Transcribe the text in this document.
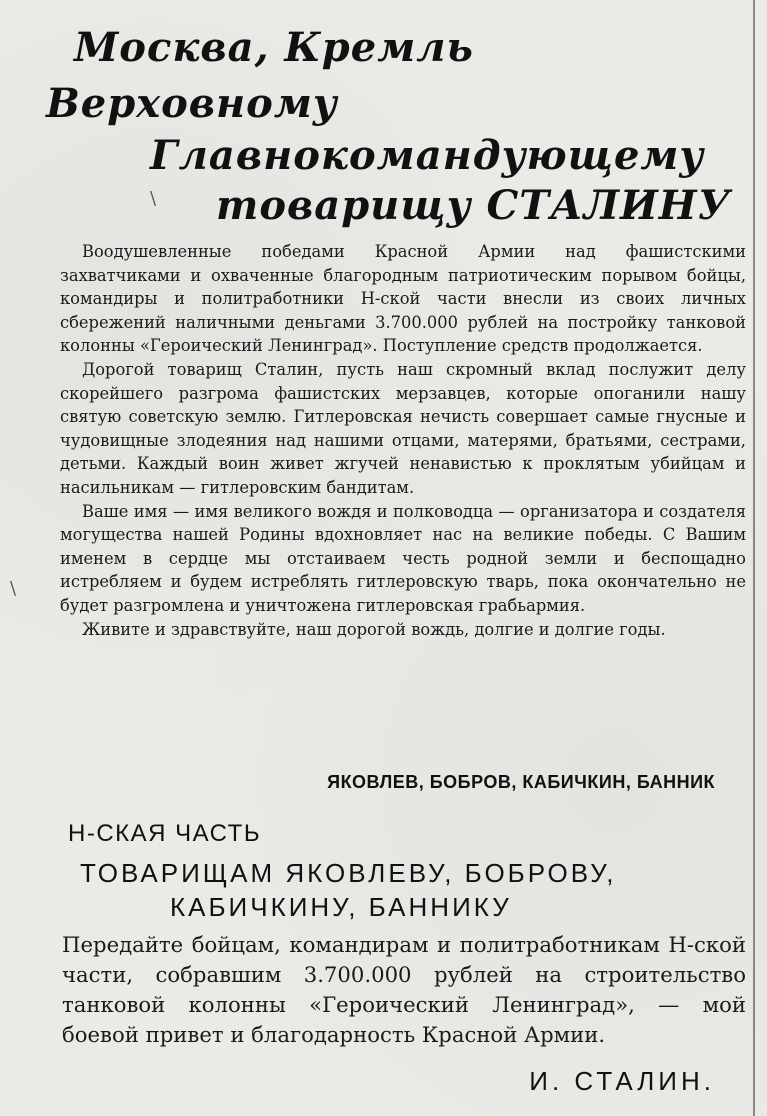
\
\
Москва, Кремль
Верховному
Главнокомандующему
товарищу СТАЛИНУ

Воодушевленные победами Красной Армии над фашистскими захватчиками и охваченные благородным патриотическим порывом бойцы, командиры и политработники Н-ской части внесли из своих личных сбережений наличными деньгами 3.700.000 рублей на постройку танковой колонны «Героический Ленинград». Поступление средств продолжается.

Дорогой товарищ Сталин, пусть наш скромный вклад послужит делу скорейшего разгрома фашистских мерзавцев, которые опоганили нашу святую советскую землю. Гитлеровская нечисть совершает самые гнусные и чудовищные злодеяния над нашими отцами, матерями, братьями, сестрами, детьми. Каждый воин живет жгучей ненавистью к проклятым убийцам и насильникам — гитлеровским бандитам.

Ваше имя — имя великого вождя и полководца — организатора и создателя могущества нашей Родины вдохновляет нас на великие победы. С Вашим именем в сердце мы отстаиваем честь родной земли и беспощадно истребляем и будем истреблять гитлеровскую тварь, пока окончательно не будет разгромлена и уничтожена гитлеровская грабьармия.

Живите и здравствуйте, наш дорогой вождь, долгие и долгие годы.

ЯКОВЛЕВ, БОБРОВ, КАБИЧКИН, БАННИК
Н-СКАЯ ЧАСТЬ
ТОВАРИЩАМ ЯКОВЛЕВУ, БОБРОВУ,
КАБИЧКИНУ, БАННИКУ

Передайте бойцам, командирам и политработникам Н-ской части, собравшим 3.700.000 рублей на строительство танковой колонны «Героический Ленинград», — мой боевой привет и благодарность Красной Армии.

И. СТАЛИН.
